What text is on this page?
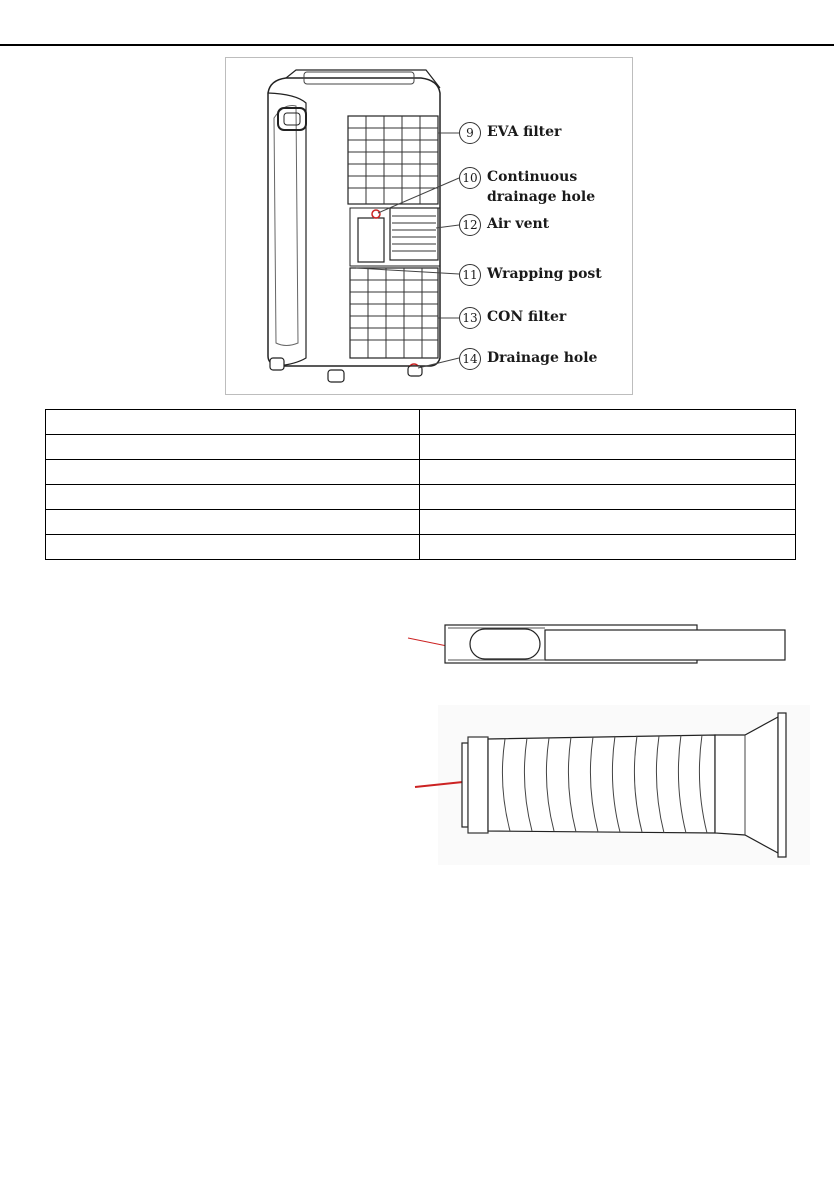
9 EVA filter
10 Continuous drainage hole
12 Air vent
11 Wrapping post
13 CON filter
14 Drainage hole
